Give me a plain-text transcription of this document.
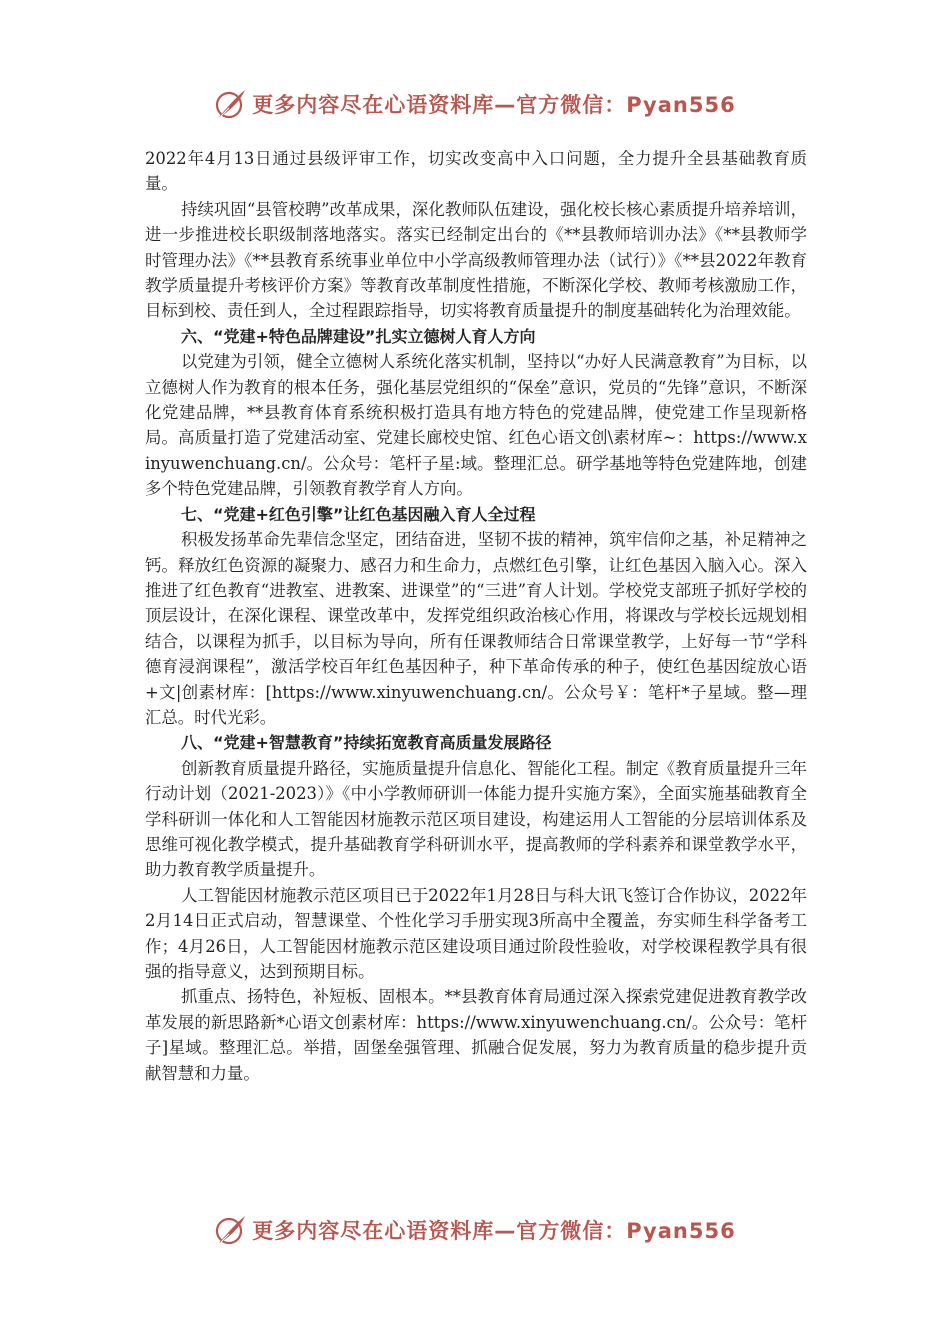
更多内容尽在心语资料库—官方微信：Pyan556

2022年4月13日通过县级评审工作，切实改变高中入口问题，全力提升全县基础教育质量。

持续巩固“县管校聘”改革成果，深化教师队伍建设，强化校长核心素质提升培养培训，进一步推进校长职级制落地落实。落实已经制定出台的《**县教师培训办法》《**县教师学时管理办法》《**县教育系统事业单位中小学高级教师管理办法（试行）》《**县2022年教育教学质量提升考核评价方案》等教育改革制度性措施，不断深化学校、教师考核激励工作，目标到校、责任到人，全过程跟踪指导，切实将教育质量提升的制度基础转化为治理效能。

六、“党建+特色品牌建设”扎实立德树人育人方向

以党建为引领，健全立德树人系统化落实机制，坚持以“办好人民满意教育”为目标，以立德树人作为教育的根本任务，强化基层党组织的“保垒”意识，党员的“先锋”意识，不断深化党建品牌，**县教育体育系统积极打造具有地方特色的党建品牌，使党建工作呈现新格局。高质量打造了党建活动室、党建长廊校史馆、红色心语文创\素材库~：https://www.xinyuwenchuang.cn/。公众号：笔杆子星:域。整理汇总。研学基地等特色党建阵地，创建多个特色党建品牌，引领教育教学育人方向。

七、“党建+红色引擎”让红色基因融入育人全过程

积极发扬革命先辈信念坚定，团结奋进，坚韧不拔的精神，筑牢信仰之基，补足精神之钙。释放红色资源的凝聚力、感召力和生命力，点燃红色引擎，让红色基因入脑入心。深入推进了红色教育“进教室、进教案、进课堂”的“三进”育人计划。学校党支部班子抓好学校的顶层设计，在深化课程、课堂改革中，发挥党组织政治核心作用，将课改与学校长远规划相结合，以课程为抓手，以目标为导向，所有任课教师结合日常课堂教学，上好每一节“学科德育浸润课程”，激活学校百年红色基因种子，种下革命传承的种子，使红色基因绽放心语+文|创素材库：[https://www.xinyuwenchuang.cn/。公众号￥：笔杆*子星域。整—理汇总。时代光彩。

八、“党建+智慧教育”持续拓宽教育高质量发展路径

创新教育质量提升路径，实施质量提升信息化、智能化工程。制定《教育质量提升三年行动计划（2021-2023）》《中小学教师研训一体能力提升实施方案》，全面实施基础教育全学科研训一体化和人工智能因材施教示范区项目建设，构建运用人工智能的分层培训体系及思维可视化教学模式，提升基础教育学科研训水平，提高教师的学科素养和课堂教学水平，助力教育教学质量提升。

人工智能因材施教示范区项目已于2022年1月28日与科大讯飞签订合作协议，2022年2月14日正式启动，智慧课堂、个性化学习手册实现3所高中全覆盖，夯实师生科学备考工作；4月26日，人工智能因材施教示范区建设项目通过阶段性验收，对学校课程教学具有很强的指导意义，达到预期目标。

抓重点、扬特色，补短板、固根本。**县教育体育局通过深入探索党建促进教育教学改革发展的新思路新*心语文创素材库：https://www.xinyuwenchuang.cn/。公众号：笔杆子]星域。整理汇总。举措，固堡垒强管理、抓融合促发展，努力为教育质量的稳步提升贡献智慧和力量。

更多内容尽在心语资料库—官方微信：Pyan556
